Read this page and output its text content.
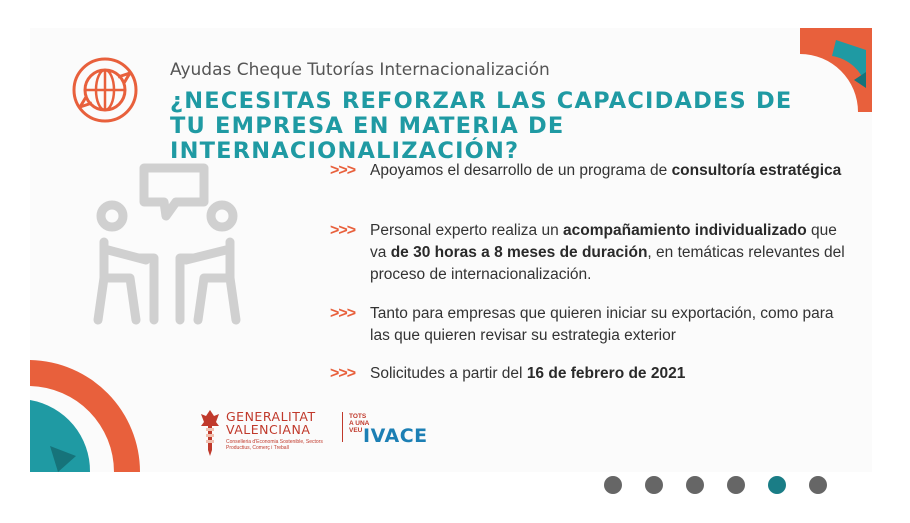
Ayudas Cheque Tutorías Internacionalización
¿NECESITAS REFORZAR LAS CAPACIDADES DE TU EMPRESA EN MATERIA DE INTERNACIONALIZACIÓN?
>>> Apoyamos el desarrollo de un programa de consultoría estratégica
>>> Personal experto realiza un acompañamiento individualizado que va de 30 horas a 8 meses de duración, en temáticas relevantes del proceso de internacionalización.
>>> Tanto para empresas que quieren iniciar su exportación, como para las que quieren revisar su estrategia exterior
>>> Solicitudes a partir del 16 de febrero de 2021
GENERALITAT
VALENCIANA
Conselleria d'Economia Sostenible, Sectors Productius, Comerç i Treball
TOTS A UNA VEU IVACE
